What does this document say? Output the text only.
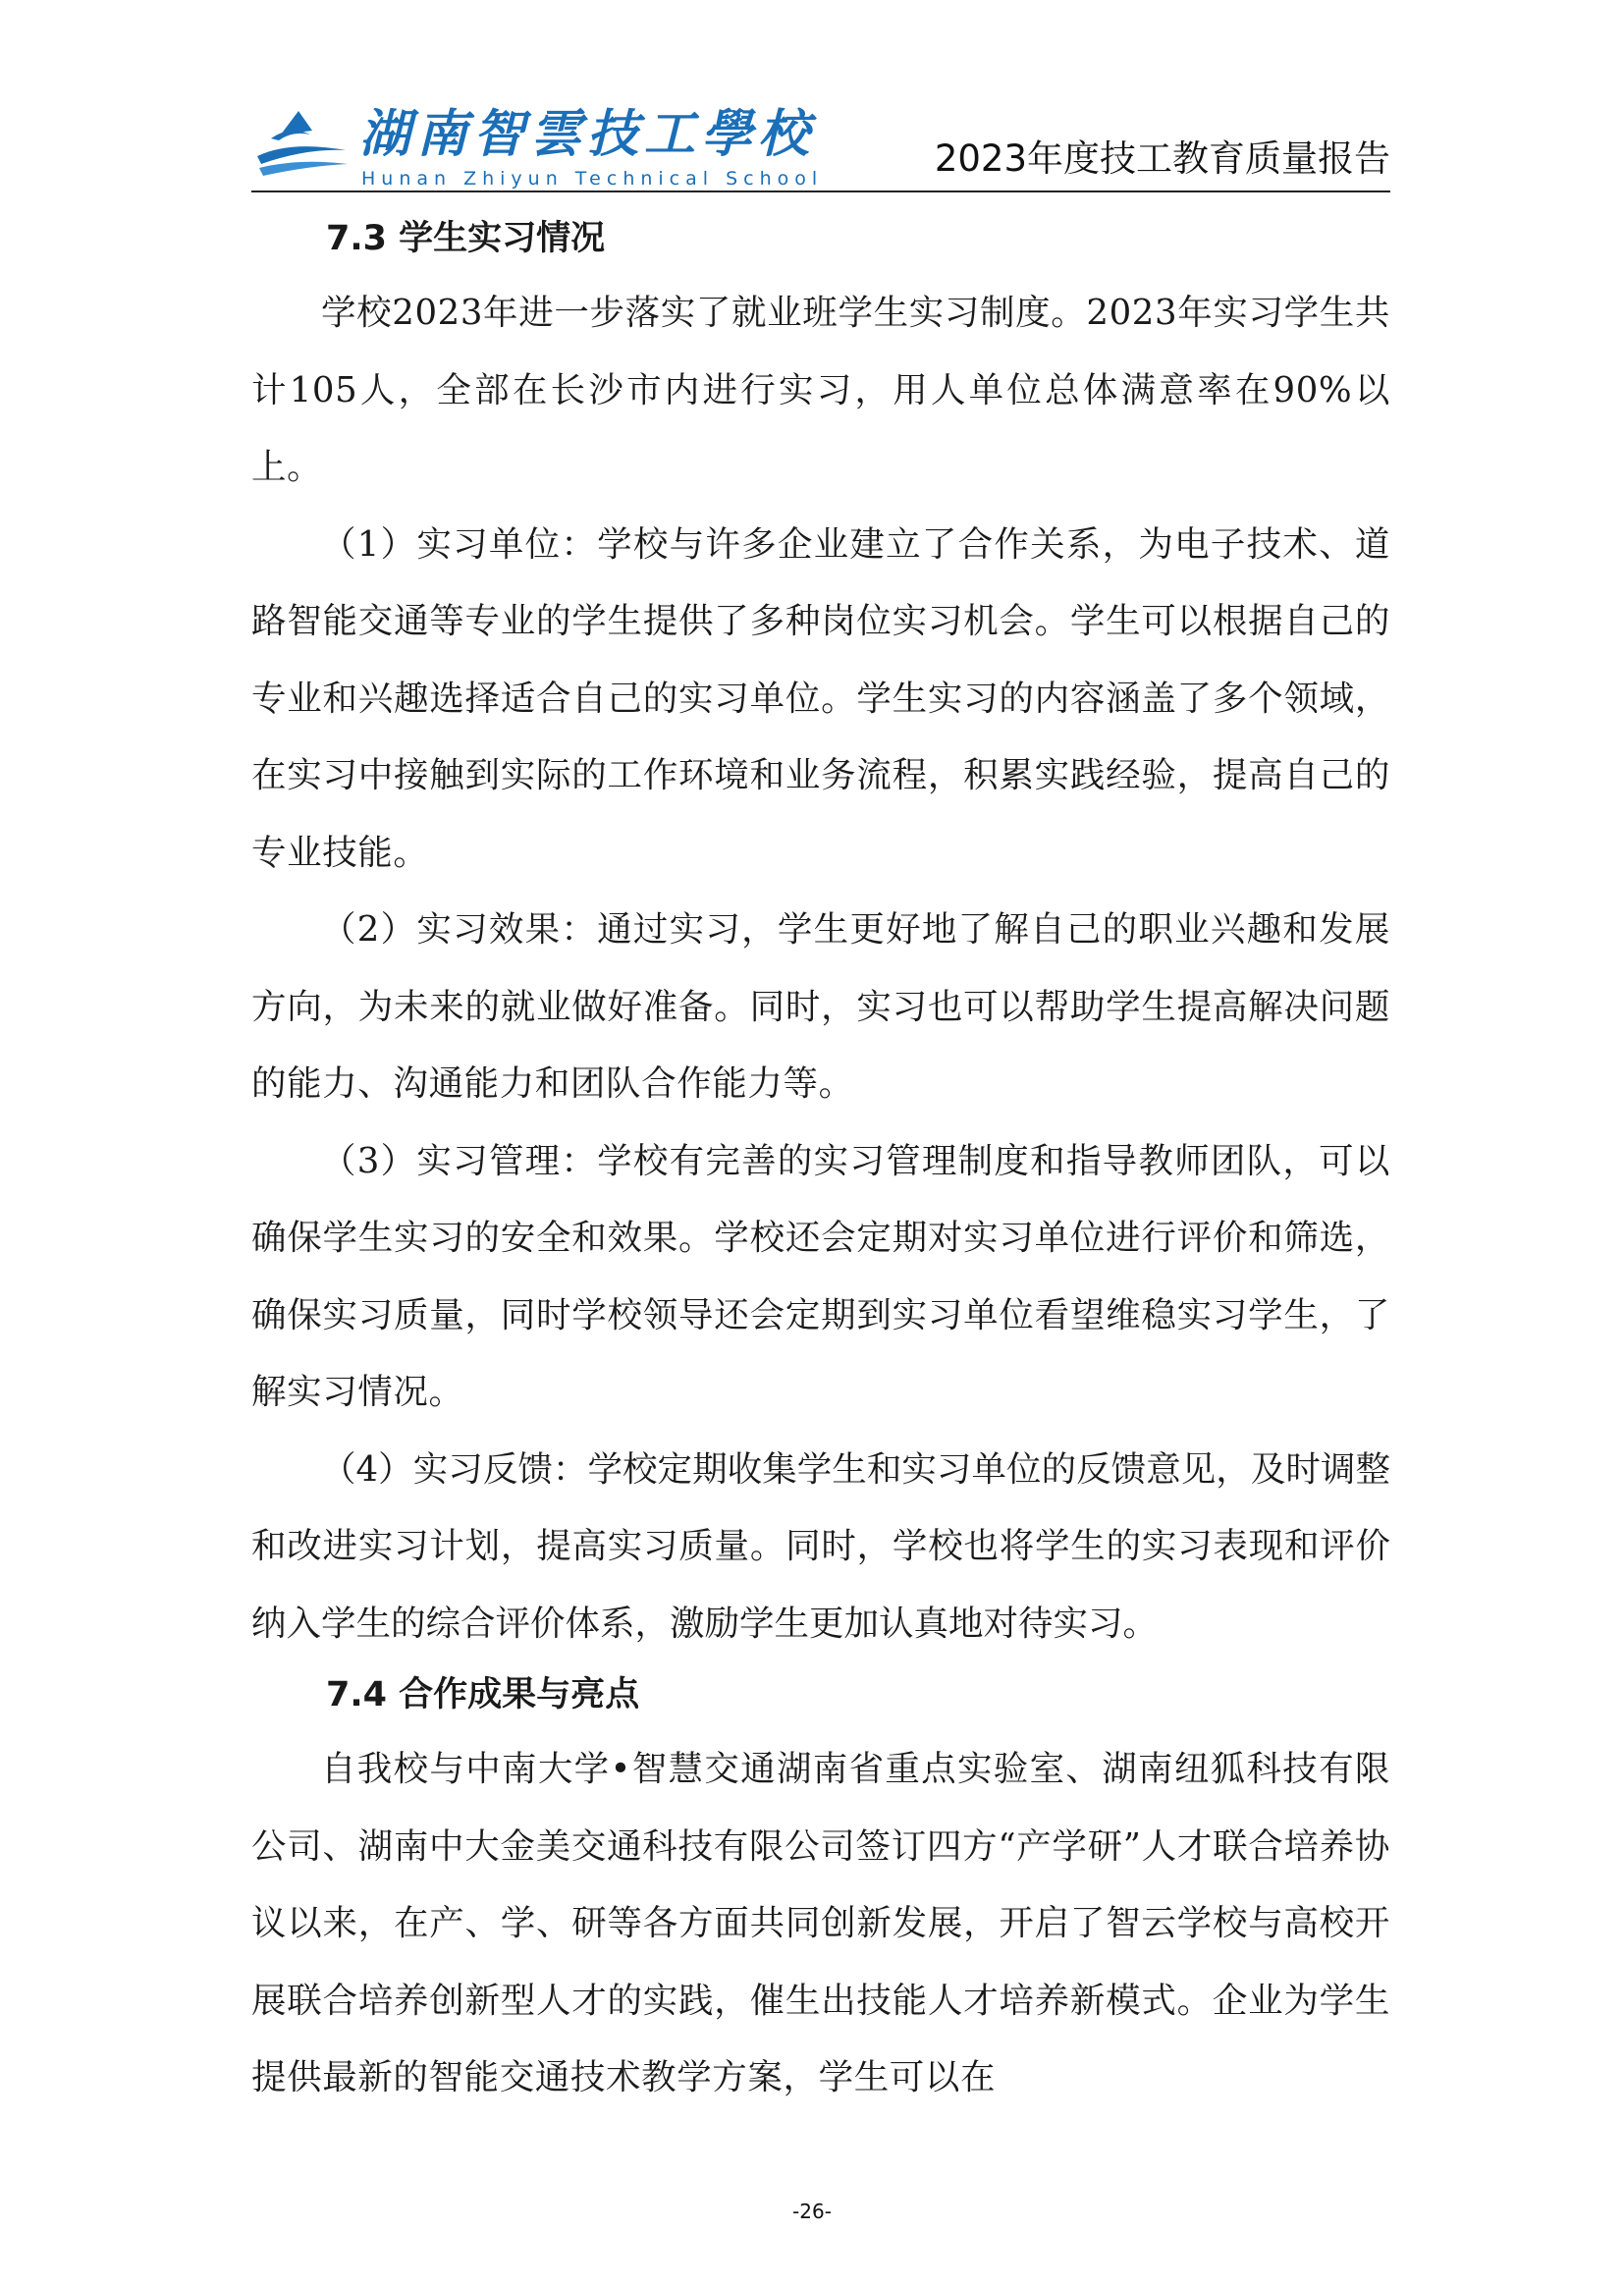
湖南智雲技工學校
Hunan Zhiyun Technical School	2023年度技工教育质量报告
7.3 学生实习情况

学校2023年进一步落实了就业班学生实习制度。2023年实习学生共计105人，全部在长沙市内进行实习，用人单位总体满意率在90%以上。

（1）实习单位：学校与许多企业建立了合作关系，为电子技术、道路智能交通等专业的学生提供了多种岗位实习机会。学生可以根据自己的专业和兴趣选择适合自己的实习单位。学生实习的内容涵盖了多个领域，在实习中接触到实际的工作环境和业务流程，积累实践经验，提高自己的专业技能。

（2）实习效果：通过实习，学生更好地了解自己的职业兴趣和发展方向，为未来的就业做好准备。同时，实习也可以帮助学生提高解决问题的能力、沟通能力和团队合作能力等。

（3）实习管理：学校有完善的实习管理制度和指导教师团队，可以确保学生实习的安全和效果。学校还会定期对实习单位进行评价和筛选，确保实习质量，同时学校领导还会定期到实习单位看望维稳实习学生，了解实习情况。

（4）实习反馈：学校定期收集学生和实习单位的反馈意见，及时调整和改进实习计划，提高实习质量。同时，学校也将学生的实习表现和评价纳入学生的综合评价体系，激励学生更加认真地对待实习。

7.4 合作成果与亮点

自我校与中南大学•智慧交通湖南省重点实验室、湖南纽狐科技有限公司、湖南中大金美交通科技有限公司签订四方“产学研”人才联合培养协议以来，在产、学、研等各方面共同创新发展，开启了智云学校与高校开展联合培养创新型人才的实践，催生出技能人才培养新模式。企业为学生提供最新的智能交通技术教学方案，学生可以在

-26-
